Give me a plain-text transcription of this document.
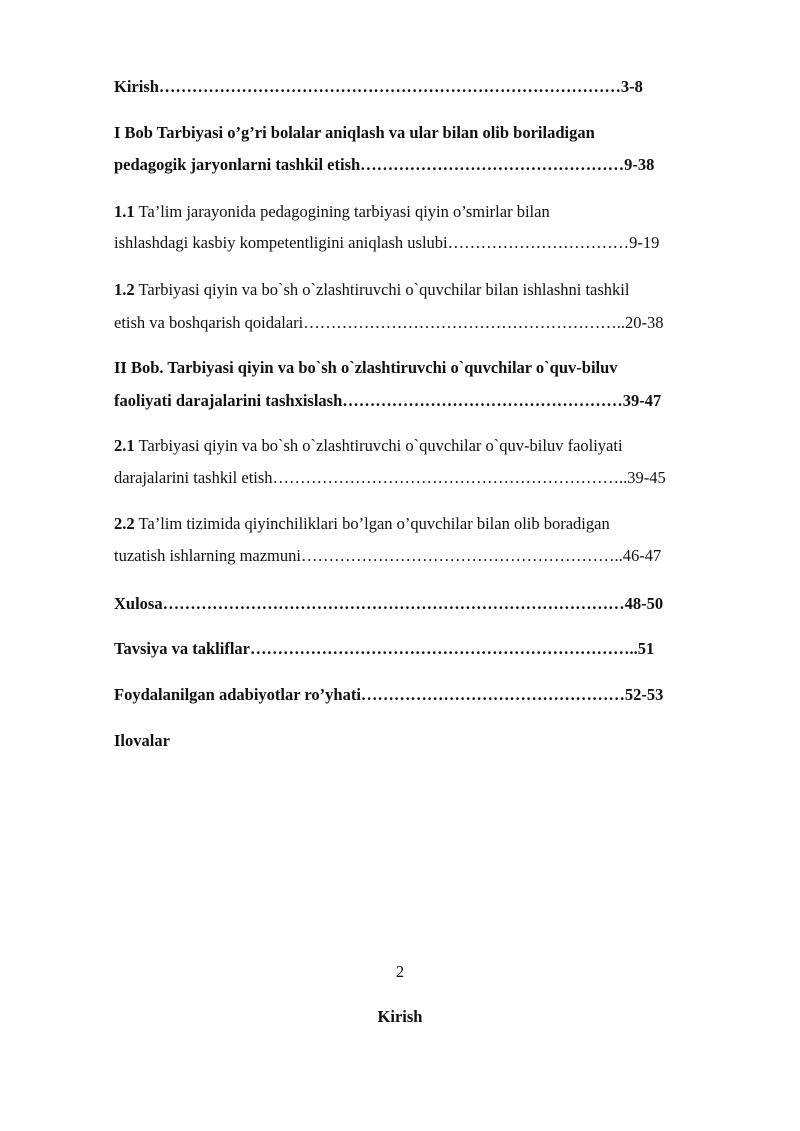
Kirish…………………………………………………………………………3-8
I Bob Tarbiyasi o’g’ri bolalar aniqlash va ular bilan olib boriladigan
pedagogik jaryonlarni tashkil etish…………………………………………9-38
1.1 Ta’lim jarayonida pedagogining tarbiyasi qiyin o’smirlar bilan
ishlashdagi kasbiy kompetentligini aniqlash uslubi……………………………9-19
1.2 Tarbiyasi qiyin va bo`sh o`zlashtiruvchi o`quvchilar bilan ishlashni tashkil
etish va boshqarish qoidalari…………………………………………………..20-38
II Bob. Tarbiyasi qiyin va bo`sh o`zlashtiruvchi o`quvchilar o`quv-biluv
faoliyati darajalarini tashxislash……………………………………………39-47
2.1 Tarbiyasi qiyin va bo`sh o`zlashtiruvchi o`quvchilar o`quv-biluv faoliyati
darajalarini tashkil etish………………………………………………………..39-45
2.2 Ta’lim tizimida qiyinchiliklari bo’lgan o’quvchilar bilan olib boradigan
tuzatish ishlarning mazmuni…………………………………………………..46-47
Xulosa…………………………………………………………………………48-50
Tavsiya va takliflar……………………………………………………………..51
Foydalanilgan adabiyotlar ro’yhati…………………………………………52-53
Ilovalar
2
Kirish
